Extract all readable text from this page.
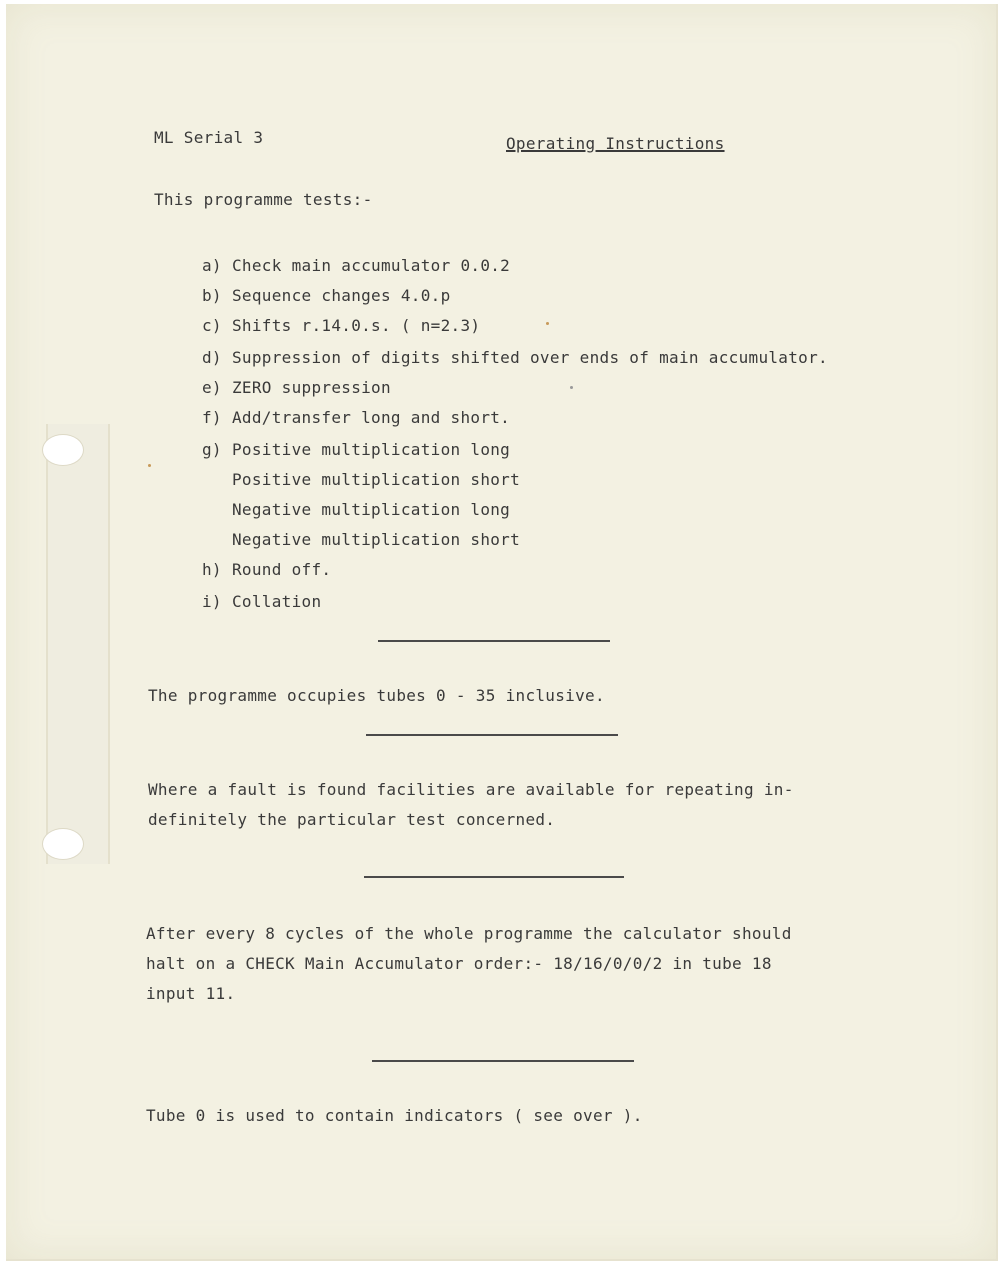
ML Serial 3	Operating Instructions
This programme tests:-
a) Check main accumulator 0.0.2
b) Sequence changes 4.0.p
c) Shifts r.14.0.s. ( n=2.3)
d) Suppression of digits shifted over ends of main accumulator.
e) ZERO suppression
f) Add/transfer long and short.
g) Positive multiplication long
Positive multiplication short
Negative multiplication long
Negative multiplication short
h) Round off.
i) Collation
The programme occupies tubes 0 - 35 inclusive.
Where a fault is found facilities are available for repeating in-
definitely the particular test concerned.
After every 8 cycles of the whole programme the calculator should
halt on a CHECK Main Accumulator order:- 18/16/0/0/2 in tube 18
input 11.
Tube 0 is used to contain indicators ( see over ).
